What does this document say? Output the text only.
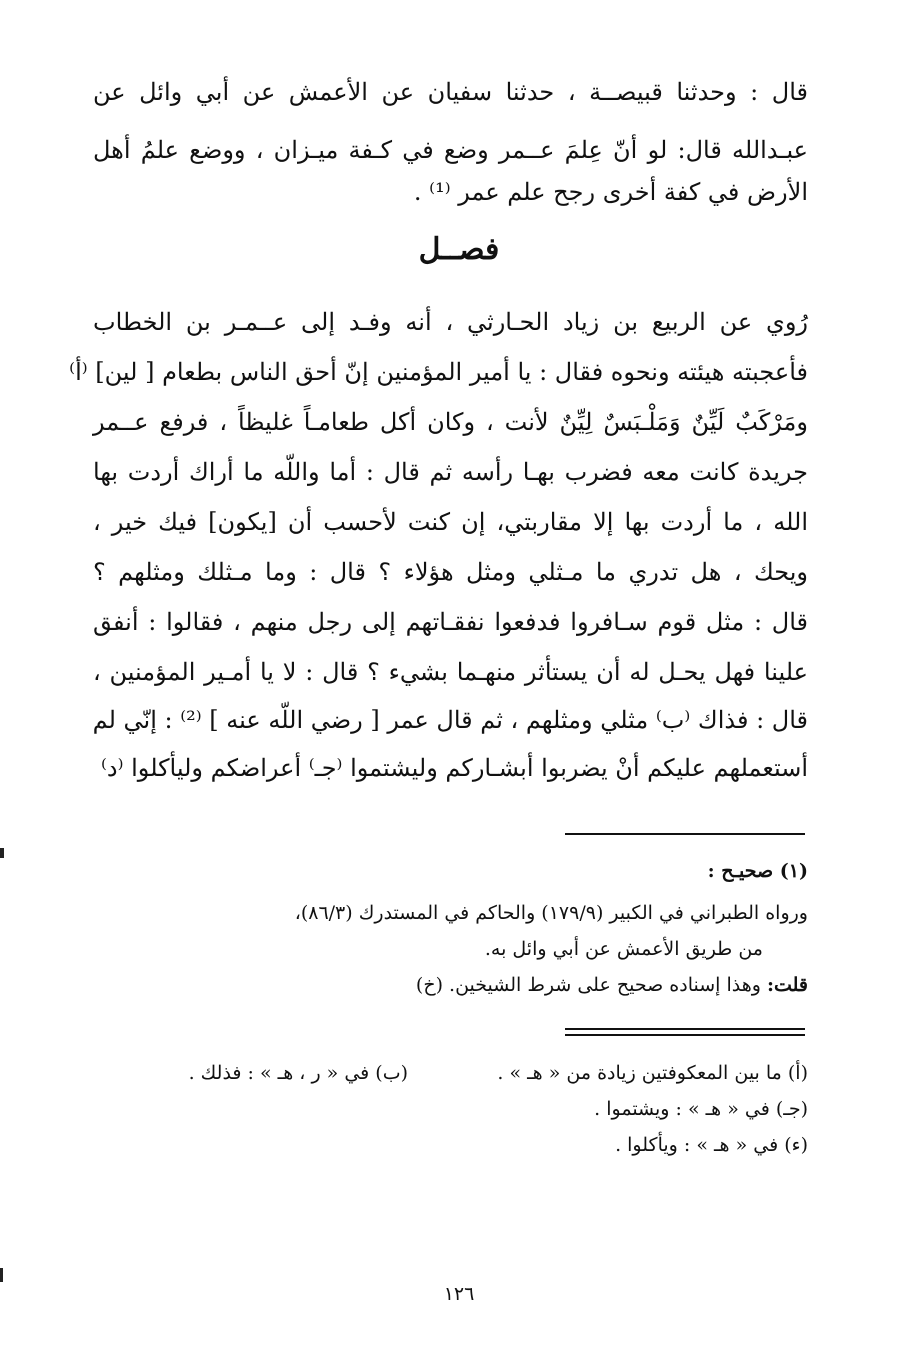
قال : وحدثنا قبيصــة ، حدثنا سفيان عن الأعمش عن أبي وائل عن
عبـدالله قال: لو أنّ عِلمَ عــمر وضع في كـفة ميـزان ، ووضع علمُ أهل
الأرض في كفة أخرى رجح علم عمر ⁽¹⁾ .
فصــل
رُوي عن الربيع بن زياد الحـارثي ، أنه وفـد إلى عــمـر بن الخطاب
فأعجبته هيئته ونحوه فقال : يا أمير المؤمنين إنّ أحق الناس بطعام [ لين] ⁽أ⁾
ومَرْكَبٌ لَيِّنٌ وَمَلْـبَسٌ لِيِّنٌ لأنت ، وكان أكل طعامـاً غليظاً ، فرفع عــمر
جريدة كانت معه فضرب بهـا رأسه ثم قال : أما واللّه ما أراك أردت بها
الله ، ما أردت بها إلا مقاربتي، إن كنت لأحسب أن [يكون] فيك خير ،
ويحك ، هل تدري ما مـثلي ومثل هؤلاء ؟ قال : وما مـثلك ومثلهم ؟
قال : مثل قوم سـافروا فدفعوا نفقـاتهم إلى رجل منهم ، فقالوا : أنفق
علينا فهل يحـل له أن يستأثر منهـما بشيء ؟ قال : لا يا أمـير المؤمنين ،
قال : فذاك ⁽ب⁾ مثلي ومثلهم ، ثم قال عمر [ رضي اللّه عنه ] ⁽²⁾ : إنّي لم
أستعملهم عليكم أنْ يضربوا أبشـاركم وليشتموا ⁽جـ⁾ أعراضكم وليأكلوا ⁽د⁾
(١) صحيـح :
ورواه الطبراني في الكبير (١٧٩/٩) والحاكم في المستدرك (٨٦/٣)،
من طريق الأعمش عن أبي وائل به.
قلت: وهذا إسناده صحيح على شرط الشيخين. (خ)
(أ) ما بين المعكوفتين زيادة من « هـ » .
(ب) في « ر ، هـ » : فذلك .
(جـ) في « هـ » : ويشتموا .
(ء) في « هـ » : ويأكلوا .
١٢٦
